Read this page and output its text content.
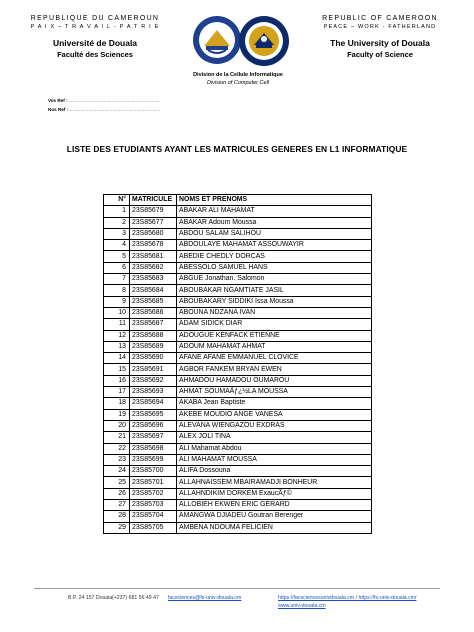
REPUBLIQUE DU CAMEROUN
P A I X – T R A V A I L - P A T R I E
Université de Douala
Faculté des Sciences
REPUBLIC OF CAMEROON
PEACE – WORK - FATHERLAND
The University of Douala
Faculty of Science
Division de la Cellule Informatique
Division of Computer Cell
Vos Ref : …………………………………………………
Nos Ref : …………………………………………………
LISTE DES ETUDIANTS AYANT LES MATRICULES GENERES EN L1 INFORMATIQUE
N°	MATRICULE	NOMS ET PRENOMS
1	23S85679	ABAKAR ALI MAHAMAT
2	23S85677	ABAKAR Adoum Moussa
3	23S85680	ABDOU SALAM SALIHOU
4	23S85678	ABDOULAYE MAHAMAT ASSOUWAYIR
5	23S85681	ABEDIE CHEDLY DORCAS
6	23S85682	ABESSOLO SAMUEL HANS
7	23S85683	ABGUE Jonathan. Salomon
8	23S85684	ABOUBAKAR NGAMTIATE JASIL
9	23S85685	ABOUBAKARY SIDDIKI Issa Moussa
10	23S85686	ABOUNA NDZANA IVAN
11	23S85687	ADAM SIDICK DIAR
12	23S85688	ADOUGUE KENFACK ETIENNE
13	23S85689	ADOUM MAHAMAT AHMAT
14	23S85690	AFANE AFANE EMMANUEL CLOVICE
15	23S85691	AGBOR FANKEM BRYAN EWEN
16	23S85692	AHMADOU HAMADOU OUMAROU
17	23S85693	AHMAT SOUMAÃƒ¿½LA MOUSSA
18	23S85694	AKABA Jean Baptiste
19	23S85695	AKEBE MOUDIO ANGE VANESA
20	23S85696	ALEVANA WIENGAZOU EXDRAS
21	23S85697	ALEX JOLI TINA
22	23S85698	ALI Mahamat Abdou
23	23S85699	ALI MAHAMAT MOUSSA
24	23S85700	ALIFA Dossouna
25	23S85701	ALLAHNAISSEM MBAIRAMADJI BONHEUR
26	23S85702	ALLAHNDIKIM DORKEM ExaucÃƒ©
27	23S85703	ALLOBIEH EKWEN ERIC GERARD
28	23S85704	AMANGWA DJIADEU Goutran Berenger
29	23S85705	AMBENA NDOUMA FELICIEN
B.P. 24 157 Douala (+237) 681 56 49 47 facsciences@fs-univ-douala.cm	https://facsciencesunivdouala.cm / https://fs-univ-douala.cm/
www.univ-douala.cm
